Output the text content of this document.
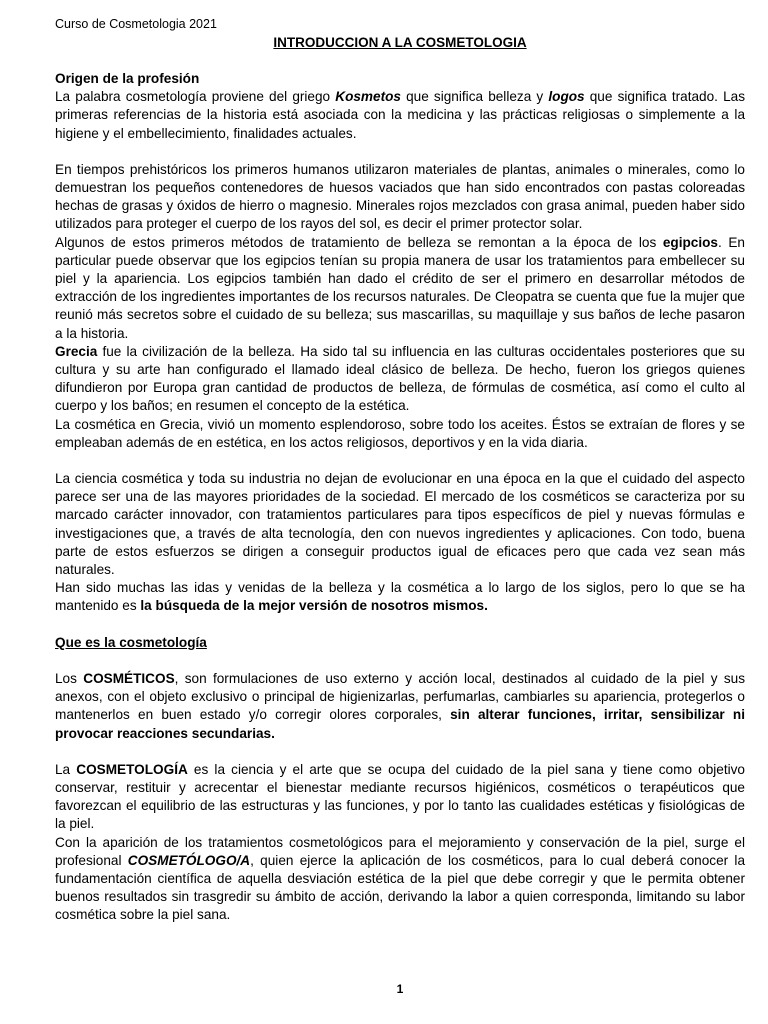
Curso de Cosmetologia 2021
INTRODUCCION A LA COSMETOLOGIA
Origen de la profesión

La palabra cosmetología proviene del griego Kosmetos que significa belleza y logos que significa tratado. Las primeras referencias de la historia está asociada con la medicina y las prácticas religiosas o simplemente a la higiene y el embellecimiento, finalidades actuales.

En tiempos prehistóricos los primeros humanos utilizaron materiales de plantas, animales o minerales, como lo demuestran los pequeños contenedores de huesos vaciados que han sido encontrados con pastas coloreadas hechas de grasas y óxidos de hierro o magnesio. Minerales rojos mezclados con grasa animal, pueden haber sido utilizados para proteger el cuerpo de los rayos del sol, es decir el primer protector solar.

Algunos de estos primeros métodos de tratamiento de belleza se remontan a la época de los egipcios. En particular puede observar que los egipcios tenían su propia manera de usar los tratamientos para embellecer su piel y la apariencia. Los egipcios también han dado el crédito de ser el primero en desarrollar métodos de extracción de los ingredientes importantes de los recursos naturales. De Cleopatra se cuenta que fue la mujer que reunió más secretos sobre el cuidado de su belleza; sus mascarillas, su maquillaje y sus baños de leche pasaron a la historia.

Grecia fue la civilización de la belleza. Ha sido tal su influencia en las culturas occidentales posteriores que su cultura y su arte han configurado el llamado ideal clásico de belleza. De hecho, fueron los griegos quienes difundieron por Europa gran cantidad de productos de belleza, de fórmulas de cosmética, así como el culto al cuerpo y los baños; en resumen el concepto de la estética.

La cosmética en Grecia, vivió un momento esplendoroso, sobre todo los aceites. Éstos se extraían de flores y se empleaban además de en estética, en los actos religiosos, deportivos y en la vida diaria.

La ciencia cosmética y toda su industria no dejan de evolucionar en una época en la que el cuidado del aspecto parece ser una de las mayores prioridades de la sociedad. El mercado de los cosméticos se caracteriza por su marcado carácter innovador, con tratamientos particulares para tipos específicos de piel y nuevas fórmulas e investigaciones que, a través de alta tecnología, den con nuevos ingredientes y aplicaciones. Con todo, buena parte de estos esfuerzos se dirigen a conseguir productos igual de eficaces pero que cada vez sean más naturales.

Han sido muchas las idas y venidas de la belleza y la cosmética a lo largo de los siglos, pero lo que se ha mantenido es la búsqueda de la mejor versión de nosotros mismos.

Que es la cosmetología

Los COSMÉTICOS, son formulaciones de uso externo y acción local, destinados al cuidado de la piel y sus anexos, con el objeto exclusivo o principal de higienizarlas, perfumarlas, cambiarles su apariencia, protegerlos o mantenerlos en buen estado y/o corregir olores corporales, sin alterar funciones, irritar, sensibilizar ni provocar reacciones secundarias.

La COSMETOLOGÍA es la ciencia y el arte que se ocupa del cuidado de la piel sana y tiene como objetivo conservar, restituir y acrecentar el bienestar mediante recursos higiénicos, cosméticos o terapéuticos que favorezcan el equilibrio de las estructuras y las funciones, y por lo tanto las cualidades estéticas y fisiológicas de la piel.

Con la aparición de los tratamientos cosmetológicos para el mejoramiento y conservación de la piel, surge el profesional COSMETÓLOGO/A, quien ejerce la aplicación de los cosméticos, para lo cual deberá conocer la fundamentación científica de aquella desviación estética de la piel que debe corregir y que le permita obtener buenos resultados sin trasgredir su ámbito de acción, derivando la labor a quien corresponda, limitando su labor cosmética sobre la piel sana.

1
